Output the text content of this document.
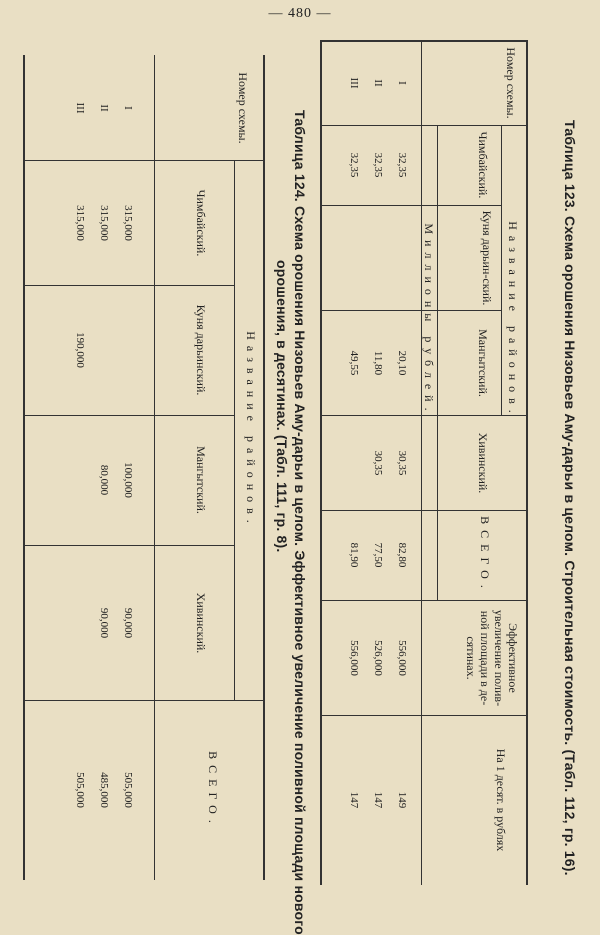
— 480 —
Таблица 123. Схема орошения Низовьев Аму-дарьи в целом. Строительная стоимость. (Табл. 112, гр. 16).
Номер схемы.
Название районов.
Чимбайский.
Куня дарьин-ский.
Мангытский.
Хивинский.
ВСЕГО.
Миллионы рублей.
Эффективное увеличение полив-ной площади в де-сятинах.
На 1 десят. в рублях
I
32,35
20,10
30,35
82,80
556,000
149
II
32,35
11,80
30,35
77,50
526,000
147
III
32,35
49,55
81,90
556,000
147
Таблица 124. Схема орошения Низовьев Аму-дарьи в целом. Эффективное увеличение поливной площади нового
орошения, в десятинах. (Табл. 111, гр. 8).
Номер схемы.
Название районов.
Чимбайский.
Куня дарьинский.
Мангытский.
Хивинский.
ВСЕГО.
I
315,000
100,000
90,000
505,000
II
315,000
80,000
90,000
485,000
III
315,000
190,000
505,000
